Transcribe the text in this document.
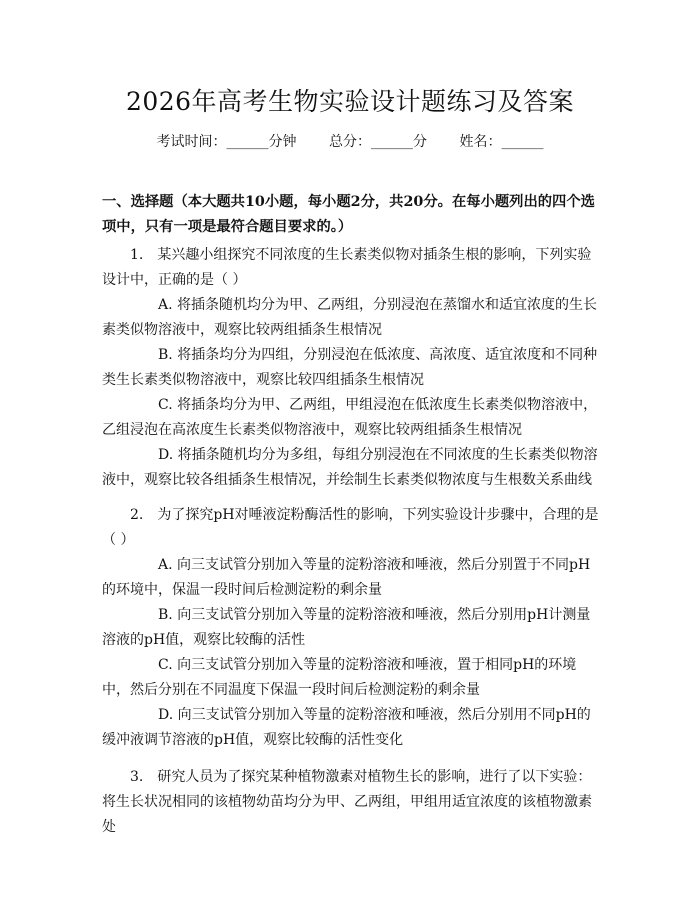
2026年高考生物实验设计题练习及答案
考试时间：______分钟 总分：______分 姓名：______
一、选择题（本大题共10小题，每小题2分，共20分。在每小题列出的四个选项中，只有一项是最符合题目要求的。）
1.　某兴趣小组探究不同浓度的生长素类似物对插条生根的影响，下列实验设计中，正确的是（ ）
A. 将插条随机均分为甲、乙两组，分别浸泡在蒸馏水和适宜浓度的生长素类似物溶液中，观察比较两组插条生根情况
B. 将插条均分为四组，分别浸泡在低浓度、高浓度、适宜浓度和不同种类生长素类似物溶液中，观察比较四组插条生根情况
C. 将插条均分为甲、乙两组，甲组浸泡在低浓度生长素类似物溶液中，乙组浸泡在高浓度生长素类似物溶液中，观察比较两组插条生根情况
D. 将插条随机均分为多组，每组分别浸泡在不同浓度的生长素类似物溶液中，观察比较各组插条生根情况，并绘制生长素类似物浓度与生根数关系曲线
2.　为了探究pH对唾液淀粉酶活性的影响，下列实验设计步骤中，合理的是（ ）
A. 向三支试管分别加入等量的淀粉溶液和唾液，然后分别置于不同pH的环境中，保温一段时间后检测淀粉的剩余量
B. 向三支试管分别加入等量的淀粉溶液和唾液，然后分别用pH计测量溶液的pH值，观察比较酶的活性
C. 向三支试管分别加入等量的淀粉溶液和唾液，置于相同pH的环境中，然后分别在不同温度下保温一段时间后检测淀粉的剩余量
D. 向三支试管分别加入等量的淀粉溶液和唾液，然后分别用不同pH的缓冲液调节溶液的pH值，观察比较酶的活性变化
3.　研究人员为了探究某种植物激素对植物生长的影响，进行了以下实验：将生长状况相同的该植物幼苗均分为甲、乙两组，甲组用适宜浓度的该植物激素处
